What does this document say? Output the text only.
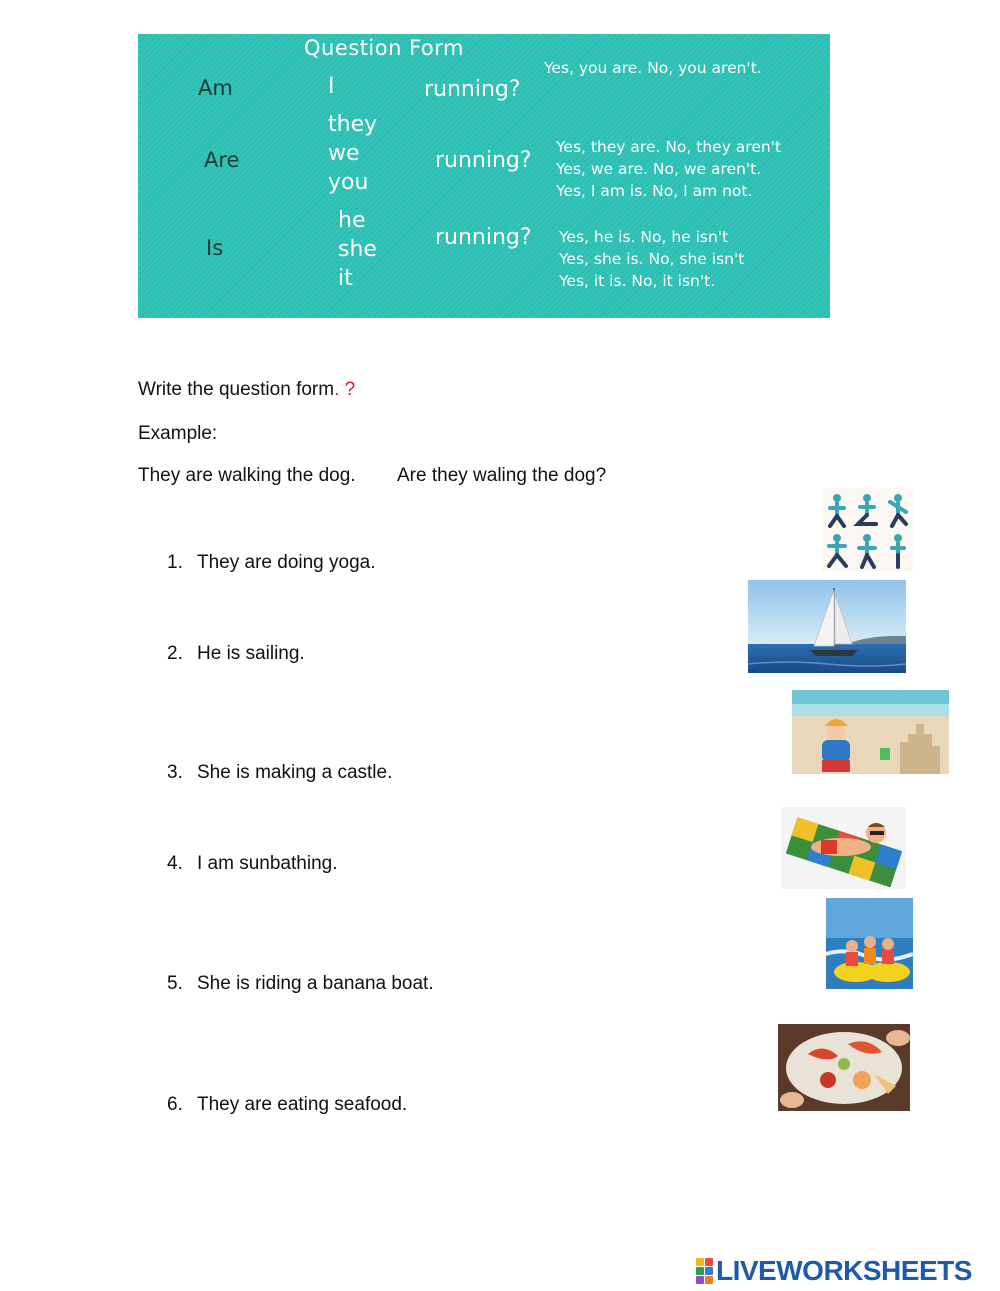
Question Form
Am	I	running?
Yes, you are. No, you aren't.
Are
they
we
you
running?
Yes, they are. No, they aren't
Yes, we are. No, we aren't.
Yes, I am is. No, I am not.
Is
he
she
it
running? Yes, he is. No, he isn't
Yes, she is. No, she isn't
Yes, it is. No, it isn't.
Write the question form. ?
Example:
They are walking the dog. Are they waling the dog?
1. They are doing yoga.
2. He is sailing.
3. She is making a castle.
4. I am sunbathing.
5. She is riding a banana boat.
6. They are eating seafood.
LIVEWORKSHEETS
